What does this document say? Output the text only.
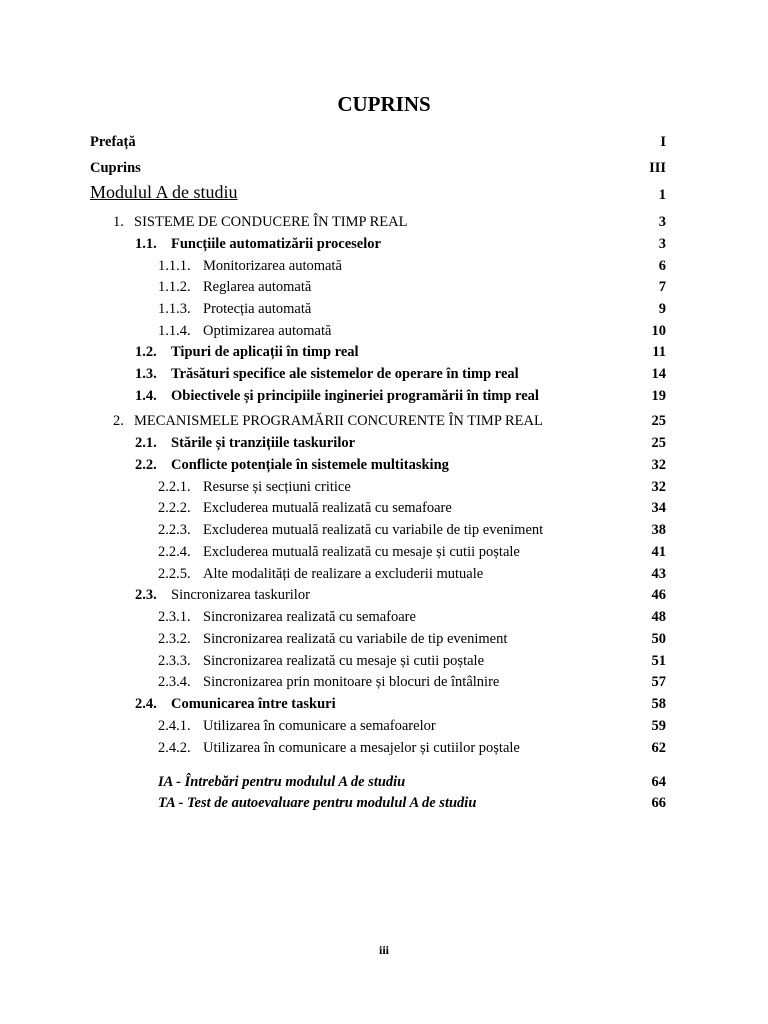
CUPRINS
Prefață	I
Cuprins	III
Modulul A de studiu	1
1. SISTEME DE CONDUCERE ÎN TIMP REAL	3
1.1. Funcțiile automatizării proceselor	3
1.1.1. Monitorizarea automată	6
1.1.2. Reglarea automată	7
1.1.3. Protecția automată	9
1.1.4. Optimizarea automată	10
1.2. Tipuri de aplicații în timp real	11
1.3. Trăsături specifice ale sistemelor de operare în timp real	14
1.4. Obiectivele și principiile ingineriei programării în timp real	19
2. MECANISMELE PROGRAMĂRII CONCURENTE ÎN TIMP REAL	25
2.1. Stările și tranzițiile taskurilor	25
2.2. Conflicte potențiale în sistemele multitasking	32
2.2.1. Resurse și secțiuni critice	32
2.2.2. Excluderea mutuală realizată cu semafoare	34
2.2.3. Excluderea mutuală realizată cu variabile de tip eveniment	38
2.2.4. Excluderea mutuală realizată cu mesaje și cutii poștale	41
2.2.5. Alte modalități de realizare a excluderii mutuale	43
2.3. Sincronizarea taskurilor	46
2.3.1. Sincronizarea realizată cu semafoare	48
2.3.2. Sincronizarea realizată cu variabile de tip eveniment	50
2.3.3. Sincronizarea realizată cu mesaje și cutii poștale	51
2.3.4. Sincronizarea prin monitoare și blocuri de întâlnire	57
2.4. Comunicarea între taskuri	58
2.4.1. Utilizarea în comunicare a semafoarelor	59
2.4.2. Utilizarea în comunicare a mesajelor și cutiilor poștale	62
IA - Întrebări pentru modulul A de studiu	64
TA - Test de autoevaluare pentru modulul A de studiu	66
iii
